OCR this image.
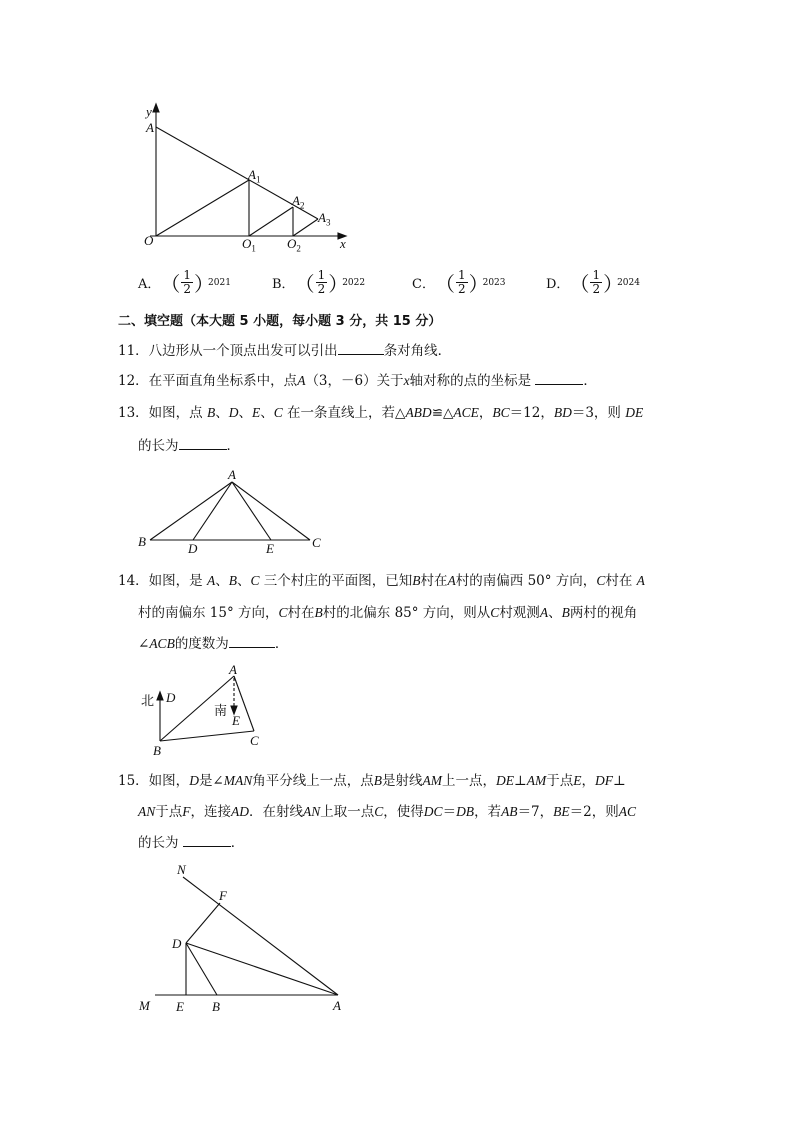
y
x
A
O
$A_1$
$A_2$
$A_3$
$O_1$ $O_2$
A． （ $\frac{1}{2}$ ）
2021	B． （ $\frac{1}{2}$ ）
2022	C． （ $\frac{1}{2}$ ）
2023	D． （ $\frac{1}{2}$ ）
2024
二、填空题（本大题 5 小题，每小题 3 分，共 15 分）
11．八边形从一个顶点出发可以引出	条对角线．
12．在平面直角坐标系中，点A（3，－6）关于x轴对称的点的坐标是	．
13．如图，点 B、D、E、C 在一条直线上，若△ABD≌△ACE，BC＝12，BD＝3，则 DE
的长为	．
A
B	D	E	C
14．如图，是 A、B、C 三个村庄的平面图，已知B村在A村的南偏西 50° 方向，C村在 A
村的南偏东 15° 方向，C村在B村的北偏东 85° 方向，则从C村观测A、B两村的视角
∠ACB的度数为	．
北 D
A
南
E
B
C
15．如图，D是∠MAN角平分线上一点，点B是射线AM上一点，DE⊥AM于点E，DF⊥
AN于点F，连接AD．在射线AN上取一点C，使得DC＝DB，若AB＝7，BE＝2，则AC
的长为	．
N
F
D
M E B	A
